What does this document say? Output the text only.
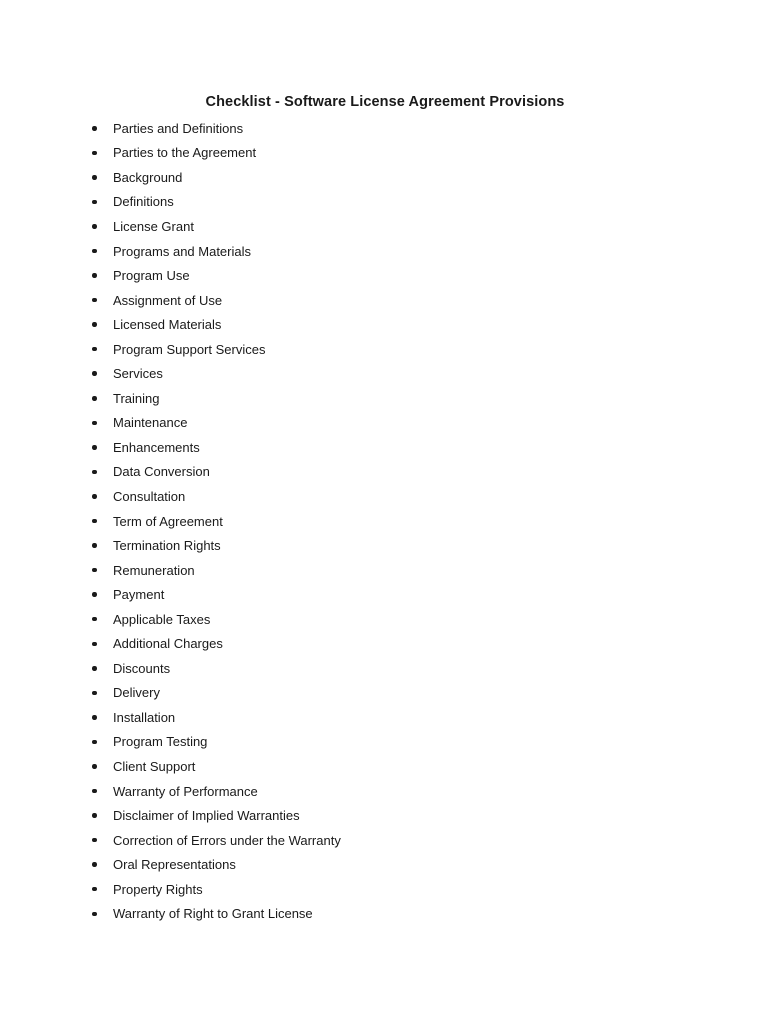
Checklist - Software License Agreement Provisions
Parties and Definitions
Parties to the Agreement
Background
Definitions
License Grant
Programs and Materials
Program Use
Assignment of Use
Licensed Materials
Program Support Services
Services
Training
Maintenance
Enhancements
Data Conversion
Consultation
Term of Agreement
Termination Rights
Remuneration
Payment
Applicable Taxes
Additional Charges
Discounts
Delivery
Installation
Program Testing
Client Support
Warranty of Performance
Disclaimer of Implied Warranties
Correction of Errors under the Warranty
Oral Representations
Property Rights
Warranty of Right to Grant License
